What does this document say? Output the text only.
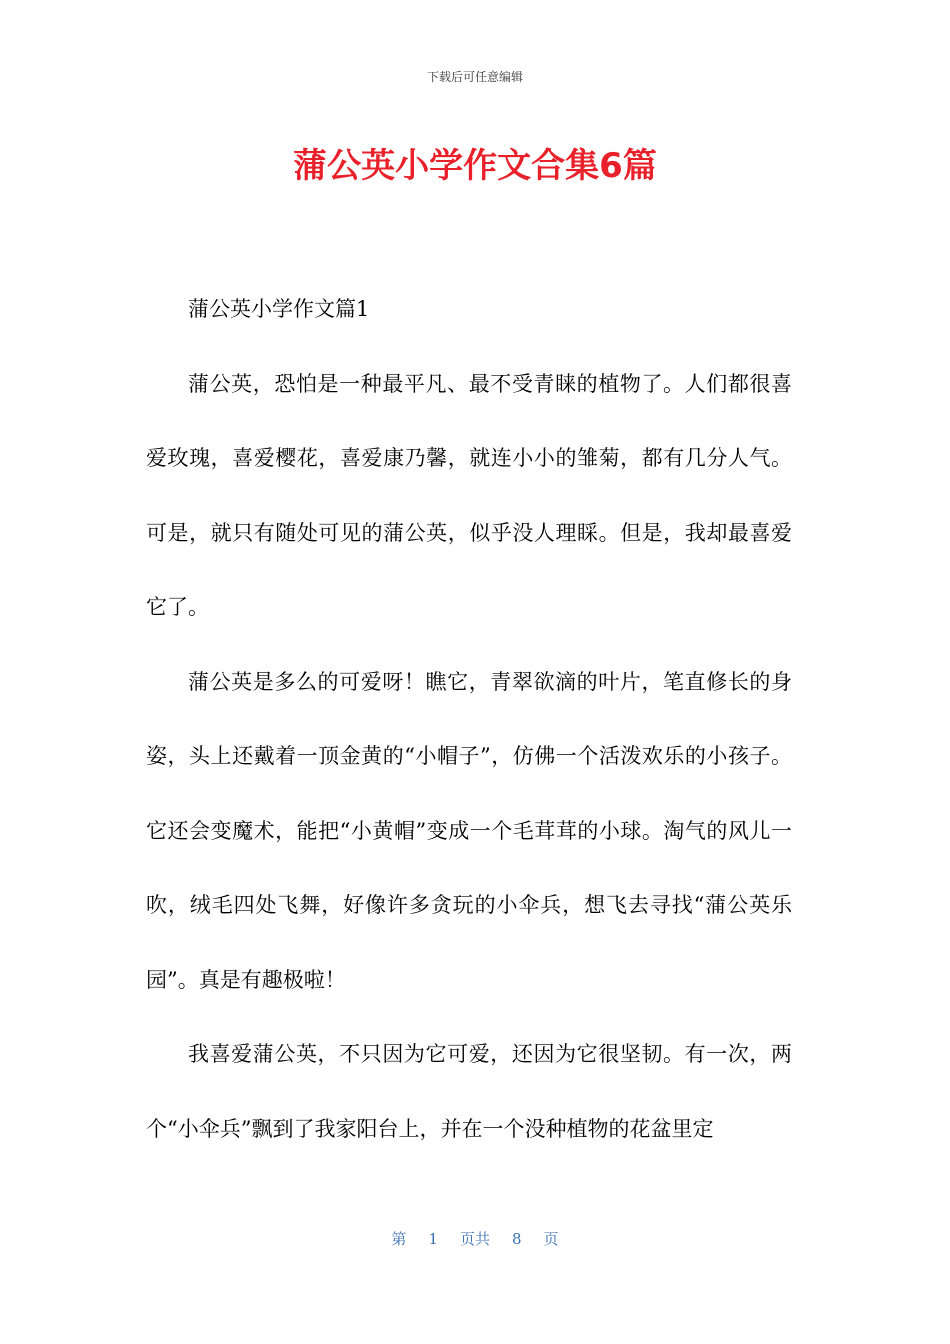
下载后可任意编辑
蒲公英小学作文合集6篇

蒲公英小学作文篇1

蒲公英，恐怕是一种最平凡、最不受青睐的植物了。人们都很喜爱玫瑰，喜爱樱花，喜爱康乃馨，就连小小的雏菊，都有几分人气。可是，就只有随处可见的蒲公英，似乎没人理睬。但是，我却最喜爱它了。

蒲公英是多么的可爱呀！瞧它，青翠欲滴的叶片，笔直修长的身姿，头上还戴着一顶金黄的“小帽子”，仿佛一个活泼欢乐的小孩子。它还会变魔术，能把“小黄帽”变成一个毛茸茸的小球。淘气的风儿一吹，绒毛四处飞舞，好像许多贪玩的小伞兵，想飞去寻找“蒲公英乐园”。真是有趣极啦！

我喜爱蒲公英，不只因为它可爱，还因为它很坚韧。有一次，两个“小伞兵”飘到了我家阳台上，并在一个没种植物的花盆里定

第 1 页共 8 页
